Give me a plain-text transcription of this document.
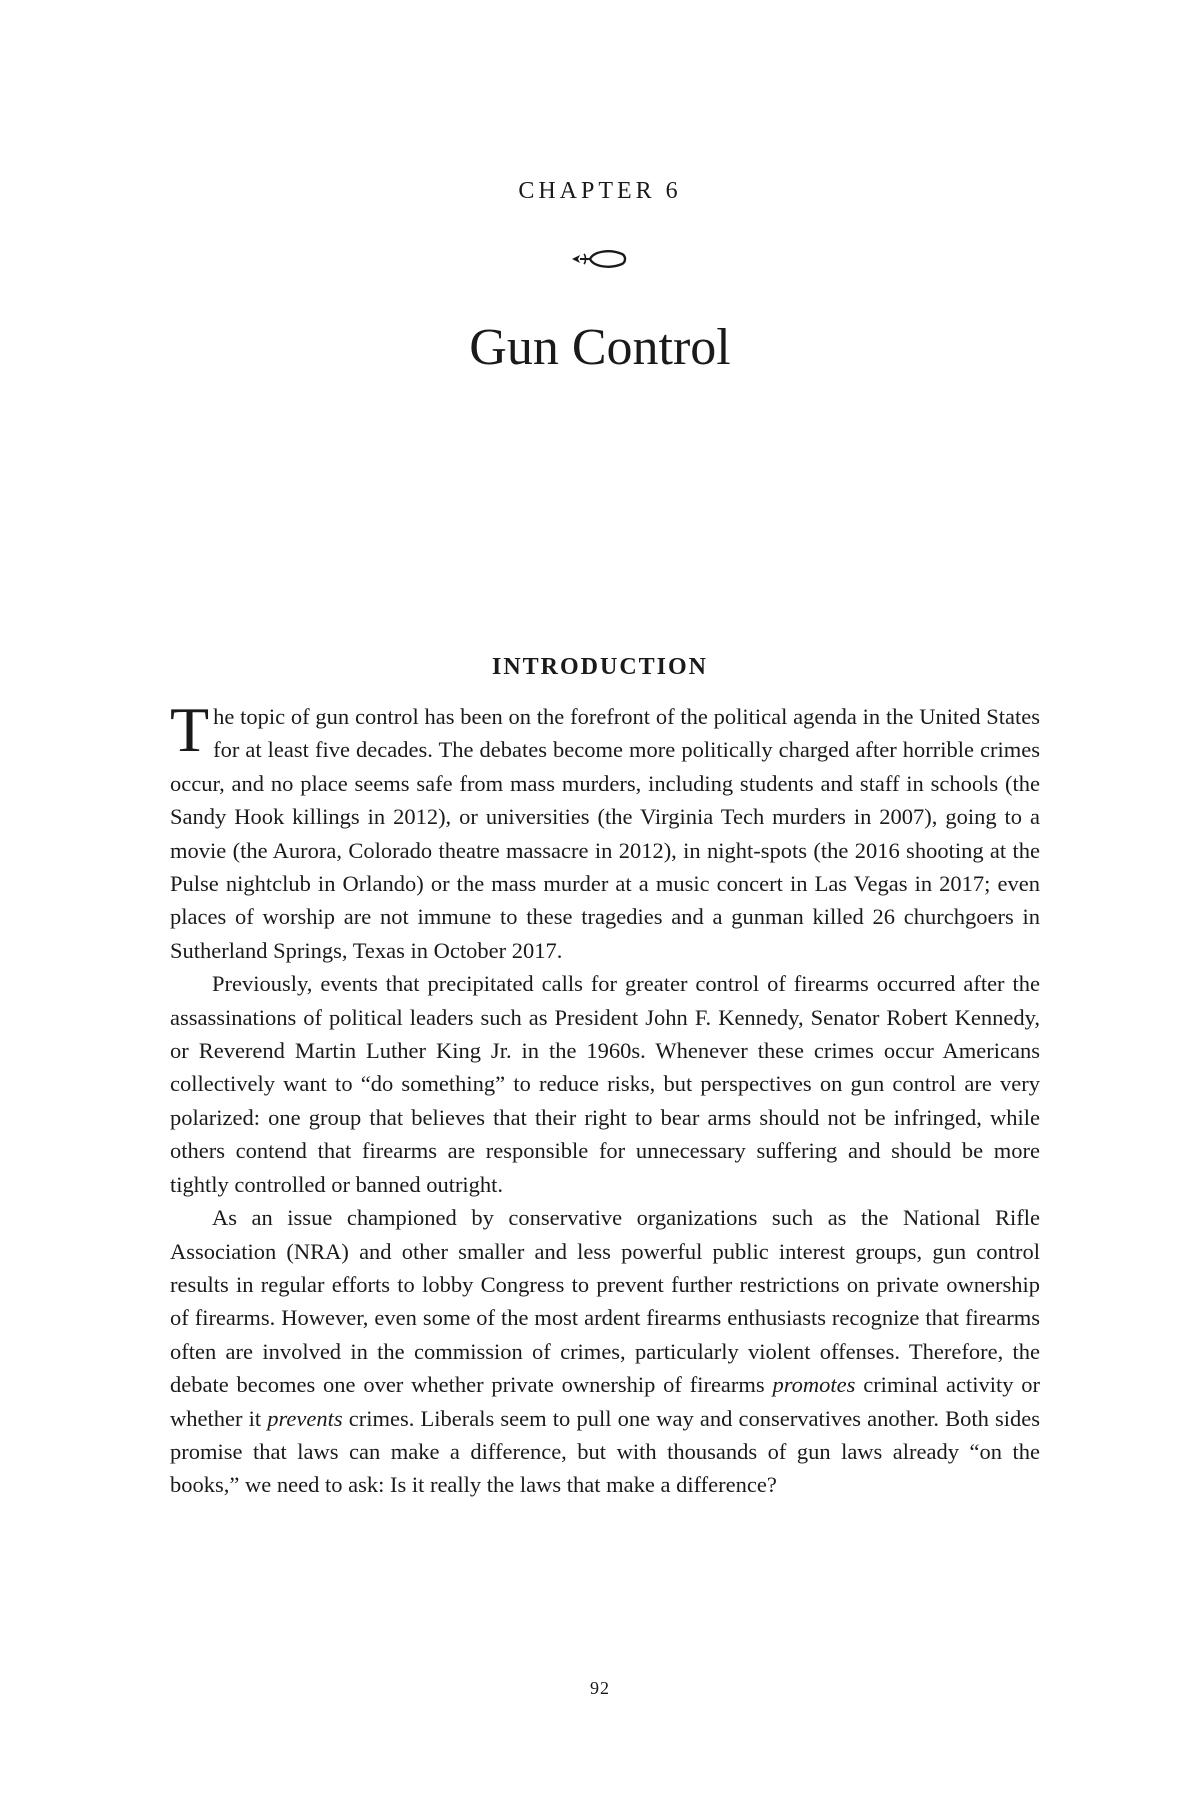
CHAPTER 6
Gun Control
INTRODUCTION

The topic of gun control has been on the forefront of the political agenda in the United States for at least five decades. The debates become more politically charged after horrible crimes occur, and no place seems safe from mass murders, including students and staff in schools (the Sandy Hook killings in 2012), or universities (the Virginia Tech murders in 2007), going to a movie (the Aurora, Colorado theatre massacre in 2012), in night-spots (the 2016 shooting at the Pulse nightclub in Orlando) or the mass murder at a music concert in Las Vegas in 2017; even places of worship are not immune to these tragedies and a gunman killed 26 churchgoers in Sutherland Springs, Texas in October 2017.

Previously, events that precipitated calls for greater control of firearms occurred after the assassinations of political leaders such as President John F. Kennedy, Senator Robert Kennedy, or Reverend Martin Luther King Jr. in the 1960s. Whenever these crimes occur Americans collectively want to “do something” to reduce risks, but perspectives on gun control are very polarized: one group that believes that their right to bear arms should not be infringed, while others contend that firearms are responsible for unnecessary suffering and should be more tightly controlled or banned outright.

As an issue championed by conservative organizations such as the National Rifle Association (NRA) and other smaller and less powerful public interest groups, gun control results in regular efforts to lobby Congress to prevent further restrictions on private ownership of firearms. However, even some of the most ardent firearms enthusiasts recognize that firearms often are involved in the commission of crimes, particularly violent offenses. Therefore, the debate becomes one over whether private ownership of firearms promotes criminal activity or whether it prevents crimes. Liberals seem to pull one way and conservatives another. Both sides promise that laws can make a difference, but with thousands of gun laws already “on the books,” we need to ask: Is it really the laws that make a difference?

92
